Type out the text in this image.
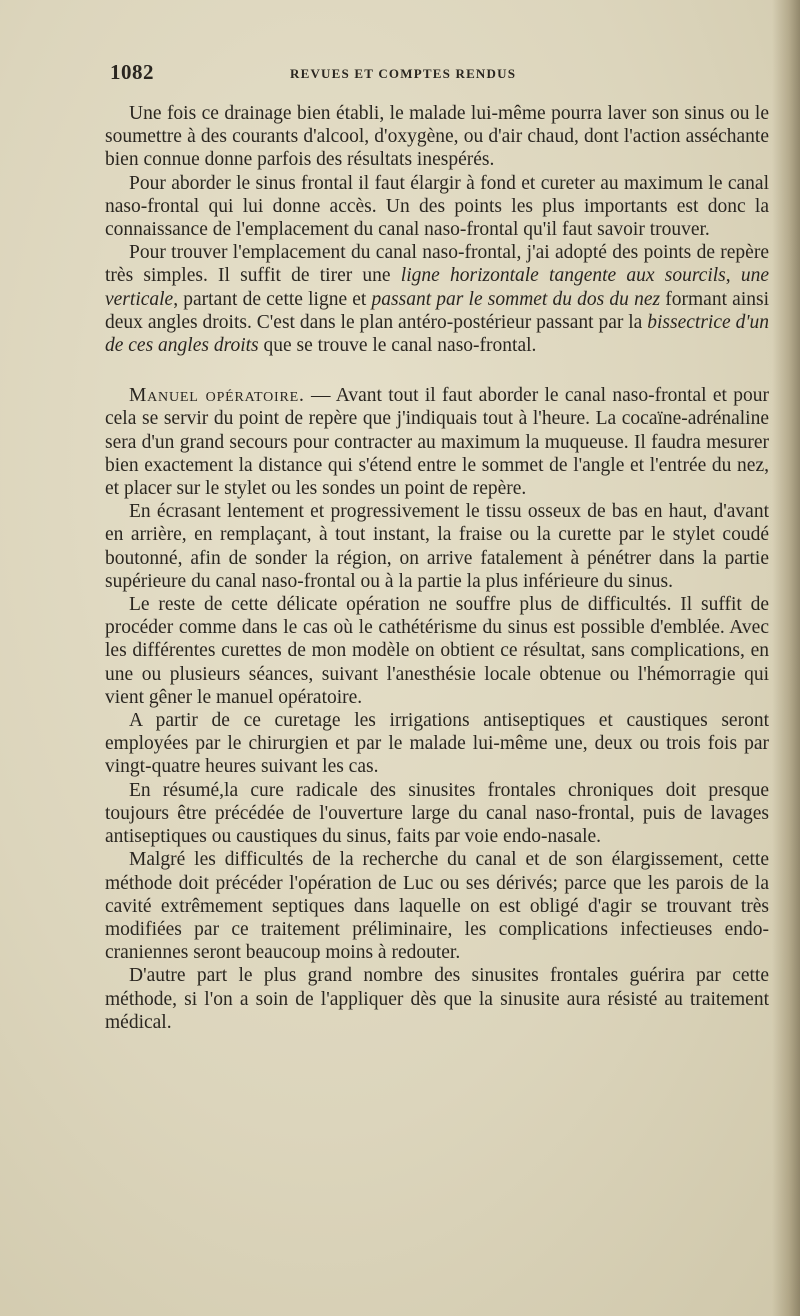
1082	REVUES ET COMPTES RENDUS

Une fois ce drainage bien établi, le malade lui-même pourra laver son sinus ou le soumettre à des courants d'alcool, d'oxygène, ou d'air chaud, dont l'action asséchante bien connue donne parfois des résultats inespérés.

Pour aborder le sinus frontal il faut élargir à fond et cureter au maximum le canal naso-frontal qui lui donne accès. Un des points les plus importants est donc la connaissance de l'emplacement du canal naso-frontal qu'il faut savoir trouver.

Pour trouver l'emplacement du canal naso-frontal, j'ai adopté des points de repère très simples. Il suffit de tirer une ligne horizontale tangente aux sourcils, une verticale, partant de cette ligne et passant par le sommet du dos du nez formant ainsi deux angles droits. C'est dans le plan antéro-postérieur passant par la bissectrice d'un de ces angles droits que se trouve le canal naso-frontal.

Manuel opératoire. — Avant tout il faut aborder le canal naso-frontal et pour cela se servir du point de repère que j'indiquais tout à l'heure. La cocaïne-adrénaline sera d'un grand secours pour contracter au maximum la muqueuse. Il faudra mesurer bien exactement la distance qui s'étend entre le sommet de l'angle et l'entrée du nez, et placer sur le stylet ou les sondes un point de repère.

En écrasant lentement et progressivement le tissu osseux de bas en haut, d'avant en arrière, en remplaçant, à tout instant, la fraise ou la curette par le stylet coudé boutonné, afin de sonder la région, on arrive fatalement à pénétrer dans la partie supérieure du canal naso-frontal ou à la partie la plus inférieure du sinus.

Le reste de cette délicate opération ne souffre plus de difficultés. Il suffit de procéder comme dans le cas où le cathétérisme du sinus est possible d'emblée. Avec les différentes curettes de mon modèle on obtient ce résultat, sans complications, en une ou plusieurs séances, suivant l'anesthésie locale obtenue ou l'hémorragie qui vient gêner le manuel opératoire.

A partir de ce curetage les irrigations antiseptiques et caustiques seront employées par le chirurgien et par le malade lui-même une, deux ou trois fois par vingt-quatre heures suivant les cas.

En résumé,la cure radicale des sinusites frontales chroniques doit presque toujours être précédée de l'ouverture large du canal naso-frontal, puis de lavages antiseptiques ou caustiques du sinus, faits par voie endo-nasale.

Malgré les difficultés de la recherche du canal et de son élargissement, cette méthode doit précéder l'opération de Luc ou ses dérivés; parce que les parois de la cavité extrêmement septiques dans laquelle on est obligé d'agir se trouvant très modifiées par ce traitement préliminaire, les complications infectieuses endo-craniennes seront beaucoup moins à redouter.

D'autre part le plus grand nombre des sinusites frontales guérira par cette méthode, si l'on a soin de l'appliquer dès que la sinusite aura résisté au traitement médical.
